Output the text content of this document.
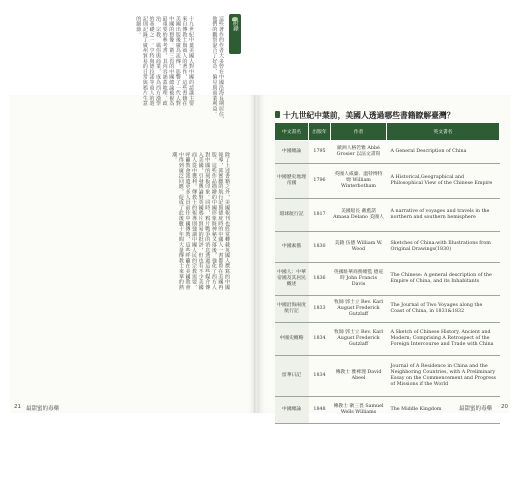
十九世紀中葉美國人對中國的認識主要來自傳教士與商人的著作，這些書籍在美國出版後廣為流傳，影響了一代人對中國的想像。衛三畏的中國總論被視為最重要的參考書，其內容涵蓋地理、政治、宗教、風俗與商業，成為西方漢學的基礎之一。亨特與德拉諾等商人的遊記則記錄了廣州貿易的日常與鴉片生意的細節。	這些著作的作者大多曾在中國沿海長期居住，他們的觀察混合了好奇、偏見與商業利益。
除了上述書籍之外，美國報刊也經常轉載英國人撰寫的中國報導，郭實臘的航行記與德庇時的中國人一書都曾在美國再版。這些作品描繪的中國形象既神秘又落後，強化了西方人對中國的刻板印象。同時，鴉片戰爭的消息透過這些媒介傳入美國，引發輿論對英國鴉片貿易的批評，但也有不少美國商人從中獲利。傳教士的報導則強調中國人民的宗教需要，呼籲教會派遣更多人員前往中國傳教，這些呼籲在美國教會中得到廣泛回應，促成了此後數十年間大量傳教士來華的熱潮。
附錄
21 最甜蜜的毒藥
十九世紀中葉前，美國人透過哪些書籍瞭解臺灣？
中文書名	出版年	作者	英文書名
中國總論	1795	歐洲人格若雅 Abbé Grosier 以法文書寫	A General Description of China
中國歷史地理帝國	1796	英國人威廉．溫特博特姆 William Winterbotham	A Historical,Geographical and Philosophical View of the Chinese Empire
環球航行記	1817	美國船長 戴藍諾 Amasa Delano 美國人	A narrative of voyages and travels in the northern and southern hemisphere
中國素描	1830	美籍 伍德 William W. Wood	Sketches of China:with Illustrations from Original Drawings(1830)
中國人：中華帝國及其居民概述	1836	英國駐華商務總監 德庇時 John Francis Davis	The Chinese: A general description of the Empire of China, and its Inhabitants
中國沿海兩度航行記	1833	牧師 郭士立 Rev. Karl August Frederick Gutzlaff	The Journal of Two Voyages along the Coast of China, in 1831&1832
中國史概略	1834	牧師 郭士立 Rev. Karl August Frederick Gutzlaff	A Sketch of Chinese History, Ancient and Modern; Comprising A Retrospect of the Foreign Intercourse and Trade with China
留華日記	1834	傳教士 雅裨理 David Abeel	Journal of A Residence in China and the Neighboring Countries, with A Preliminary Essay on the Commencement and Progress of Missions if the World
中國總論	1848	傳教士 衛三畏 Samuel Wells Williams	The Middle Kingdom	最甜蜜的毒藥 20
